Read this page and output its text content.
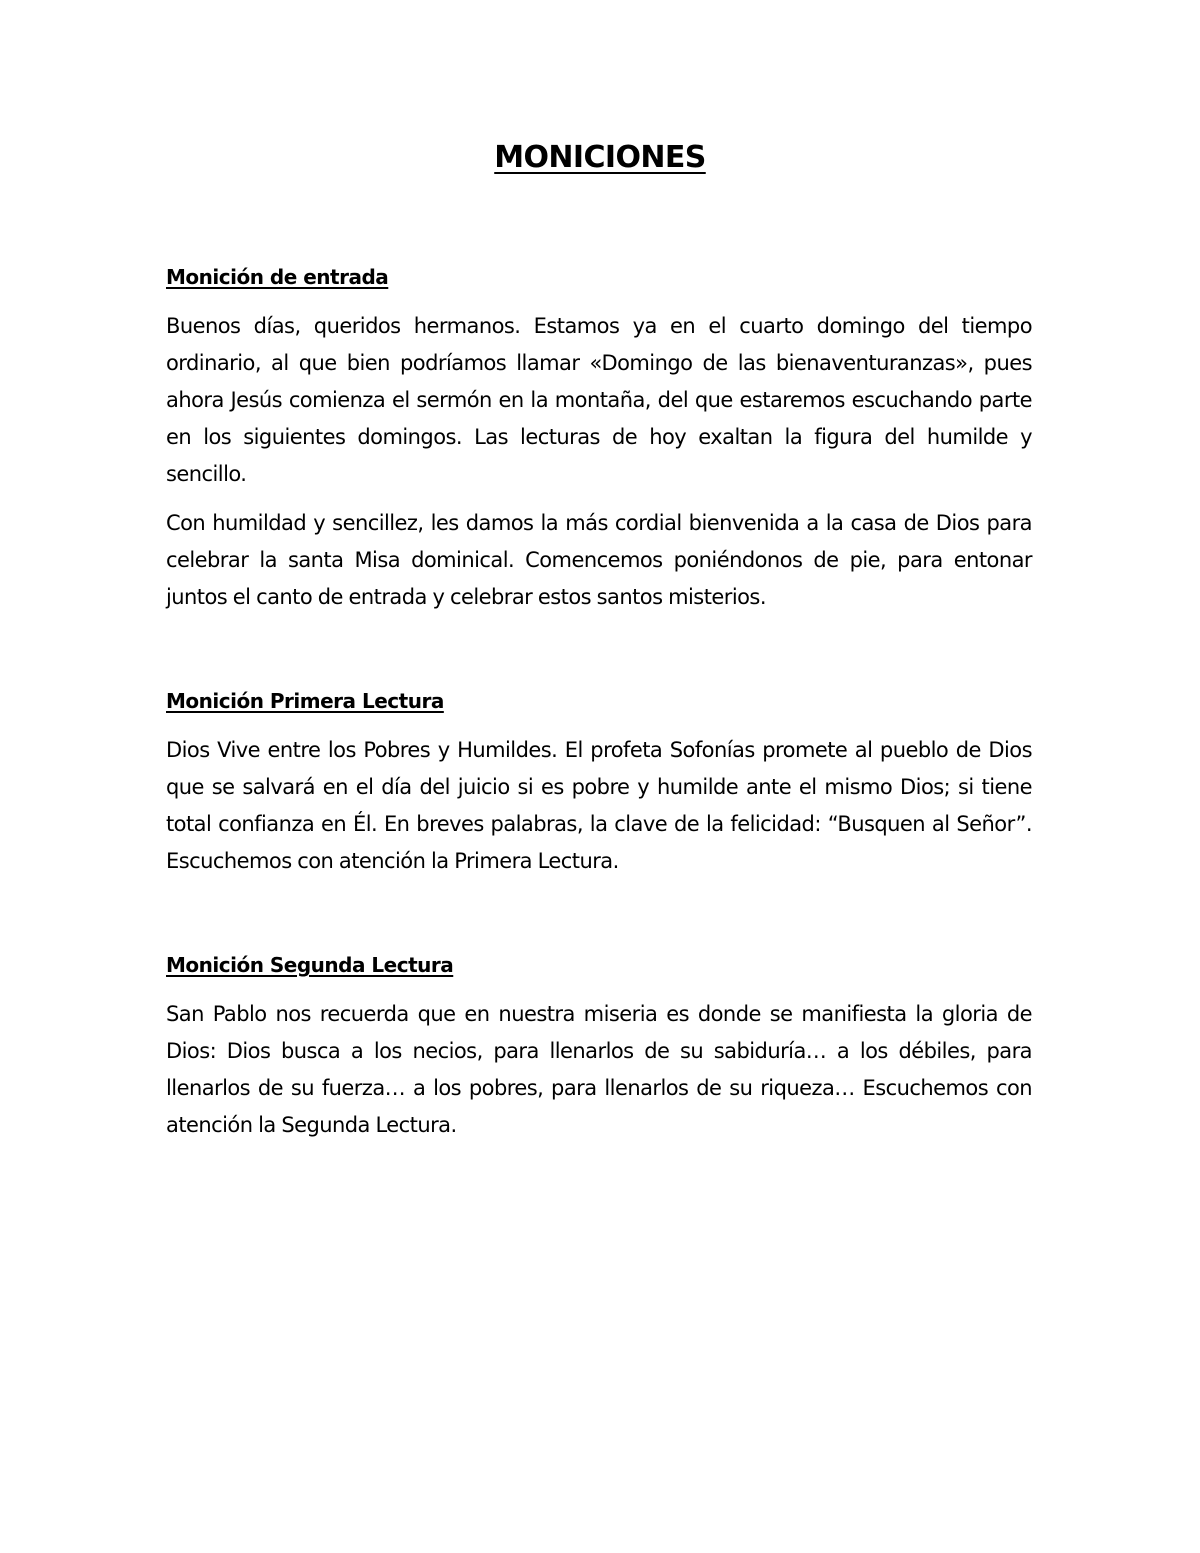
MONICIONES
Monición de entrada

Buenos días, queridos hermanos. Estamos ya en el cuarto domingo del tiempo ordinario, al que bien podríamos llamar «Domingo de las bienaventuranzas», pues ahora Jesús comienza el sermón en la montaña, del que estaremos escuchando parte en los siguientes domingos. Las lecturas de hoy exaltan la figura del humilde y sencillo.

Con humildad y sencillez, les damos la más cordial bienvenida a la casa de Dios para celebrar la santa Misa dominical. Comencemos poniéndonos de pie, para entonar juntos el canto de entrada y celebrar estos santos misterios.

Monición Primera Lectura

Dios Vive entre los Pobres y Humildes. El profeta Sofonías promete al pueblo de Dios que se salvará en el día del juicio si es pobre y humilde ante el mismo Dios; si tiene total confianza en Él. En breves palabras, la clave de la felicidad: “Busquen al Señor”. Escuchemos con atención la Primera Lectura.

Monición Segunda Lectura

San Pablo nos recuerda que en nuestra miseria es donde se manifiesta la gloria de Dios: Dios busca a los necios, para llenarlos de su sabiduría… a los débiles, para llenarlos de su fuerza… a los pobres, para llenarlos de su riqueza… Escuchemos con atención la Segunda Lectura.
